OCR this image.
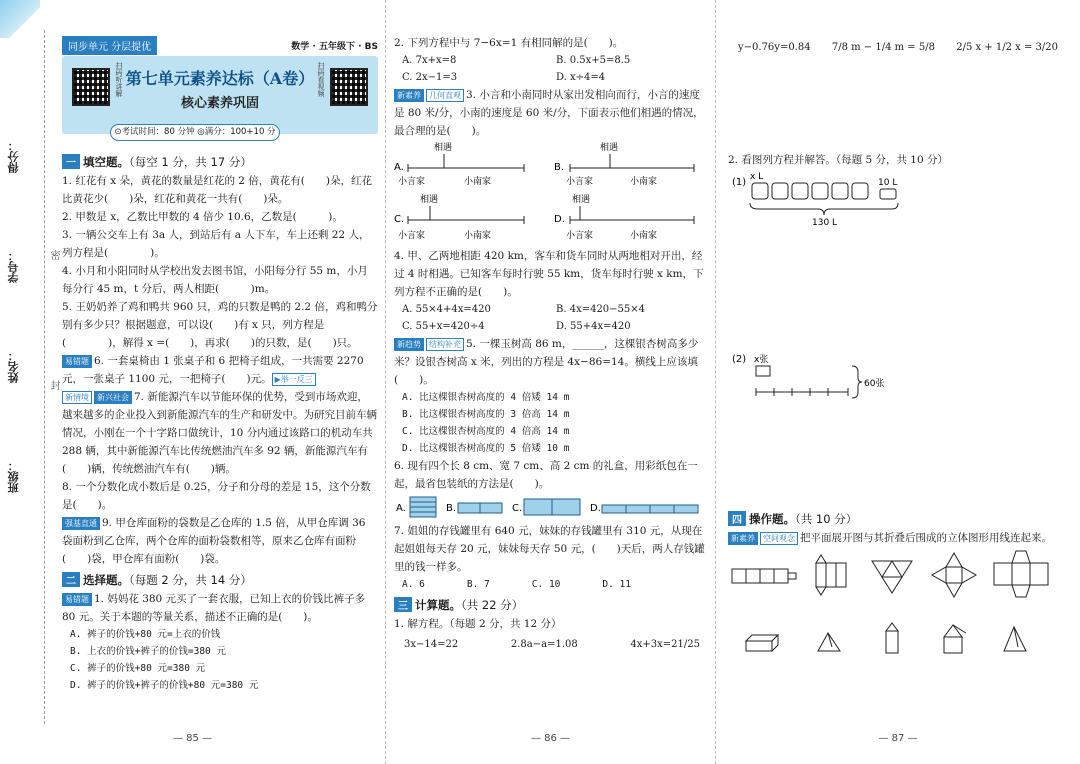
得分：
学号：
姓名：
班级：
密
封
同步单元 分层提优	数学 · 五年级下 · BS
扫码听讲解 第七单元素养达标（A卷）
核心素养巩固
扫码看视频
⊙考试时间：80 分钟 ◎满分：100+10 分
一 填空题。（每空 1 分，共 17 分）
1. 红花有 x 朵，黄花的数量是红花的 2 倍，黄花有(　　)朵，红花比黄花少(　　)朵，红花和黄花一共有(　　)朵。
2. 甲数是 x，乙数比甲数的 4 倍少 10.6，乙数是(　　　)。
3. 一辆公交车上有 3a 人，到站后有 a 人下车，车上还剩 22 人，列方程是(　　　　)。
4. 小月和小阳同时从学校出发去图书馆，小阳每分行 55 m，小月每分行 45 m，t 分后，两人相距(　　　)m。
5. 王奶奶养了鸡和鸭共 960 只，鸡的只数是鸭的 2.2 倍，鸡和鸭分别有多少只？根据题意，可以设(　　)有 x 只，列方程是(　　　　)，解得 x =(　　)，再求(　　)的只数，是(　　)只。
易错题 6. 一套桌椅由 1 张桌子和 6 把椅子组成，一共需要 2270 元，一张桌子 1100 元，一把椅子(　　)元。 ▶举一反三
新情境 新兴社会 7. 新能源汽车以节能环保的优势，受到市场欢迎，越来越多的企业投入到新能源汽车的生产和研发中。为研究目前车辆情况，小刚在一个十字路口做统计，10 分内通过该路口的机动车共 288 辆，其中新能源汽车比传统燃油汽车多 92 辆，新能源汽车有(　　)辆，传统燃油汽车有(　　)辆。
8. 一个分数化成小数后是 0.25，分子和分母的差是 15，这个分数是(　　)。
强基直通 9. 甲仓库面粉的袋数是乙仓库的 1.5 倍，从甲仓库调 36 袋面粉到乙仓库，两个仓库的面粉袋数相等，原来乙仓库有面粉(　　)袋，甲仓库有面粉(　　)袋。
二 选择题。（每题 2 分，共 14 分）
易错题 1. 妈妈花 380 元买了一套衣服，已知上衣的价钱比裤子多 80 元。关于本题的等量关系，描述不正确的是(　　)。
A. 裤子的价钱+80 元=上衣的价钱
B. 上衣的价钱+裤子的价钱=380 元
C. 裤子的价钱+80 元=380 元
D. 裤子的价钱+裤子的价钱+80 元=380 元
— 85 —
2. 下列方程中与 7−6x=1 有相同解的是(　　)。
A. 7x+x=8	B. 0.5x+5=8.5
C. 2x−1=3	D. x÷4=4
新素养 几何直观 3. 小言和小南同时从家出发相向而行，小言的速度是 80 米/分，小南的速度是 60 米/分，下面表示他们相遇的情况，最合理的是(　　)。
A.
相遇
小言家	小南家
B.
相遇
小言家	小南家
C.
相遇
小言家	小南家
D.
相遇
小言家	小南家
4. 甲、乙两地相距 420 km，客车和货车同时从两地相对开出，经过 4 时相遇。已知客车每时行驶 55 km，货车每时行驶 x km，下列方程不正确的是(　　)。
A. 55×4+4x=420	B. 4x=420−55×4
C. 55+x=420÷4	D. 55+4x=420
新趋势 结构补充 5. 一棵玉树高 86 m，______，这棵银杏树高多少米？设银杏树高 x 米，列出的方程是 4x−86=14。横线上应该填(　　)。
A. 比这棵银杏树高度的 4 倍矮 14 m
B. 比这棵银杏树高度的 3 倍高 14 m
C. 比这棵银杏树高度的 4 倍高 14 m
D. 比这棵银杏树高度的 5 倍矮 10 m
6. 现有四个长 8 cm、宽 7 cm、高 2 cm 的礼盒，用彩纸包在一起，最省包装纸的方法是(　　)。
A.	B.	C.	D.
7. 姐姐的存钱罐里有 640 元，妹妹的存钱罐里有 310 元，从现在起姐姐每天存 20 元，妹妹每天存 50 元，(　　)天后，两人存钱罐里的钱一样多。
A. 6	B. 7	C. 10	D. 11
三 计算题。（共 22 分）
1. 解方程。（每题 2 分，共 12 分）
3x−14=22	2.8a−a=1.08	4x+3x=21/25
— 86 —
y−0.76y=0.84 7/8 m − 1/4 m = 5/8 2/5 x + 1/2 x = 3/20
2. 看图列方程并解答。（每题 5 分，共 10 分）
(1) x L
10 L
130 L
(2) x张
60张
四 操作题。（共 10 分）
新素养 空间观念 把平面展开图与其折叠后围成的立体图形用线连起来。
— 87 —
